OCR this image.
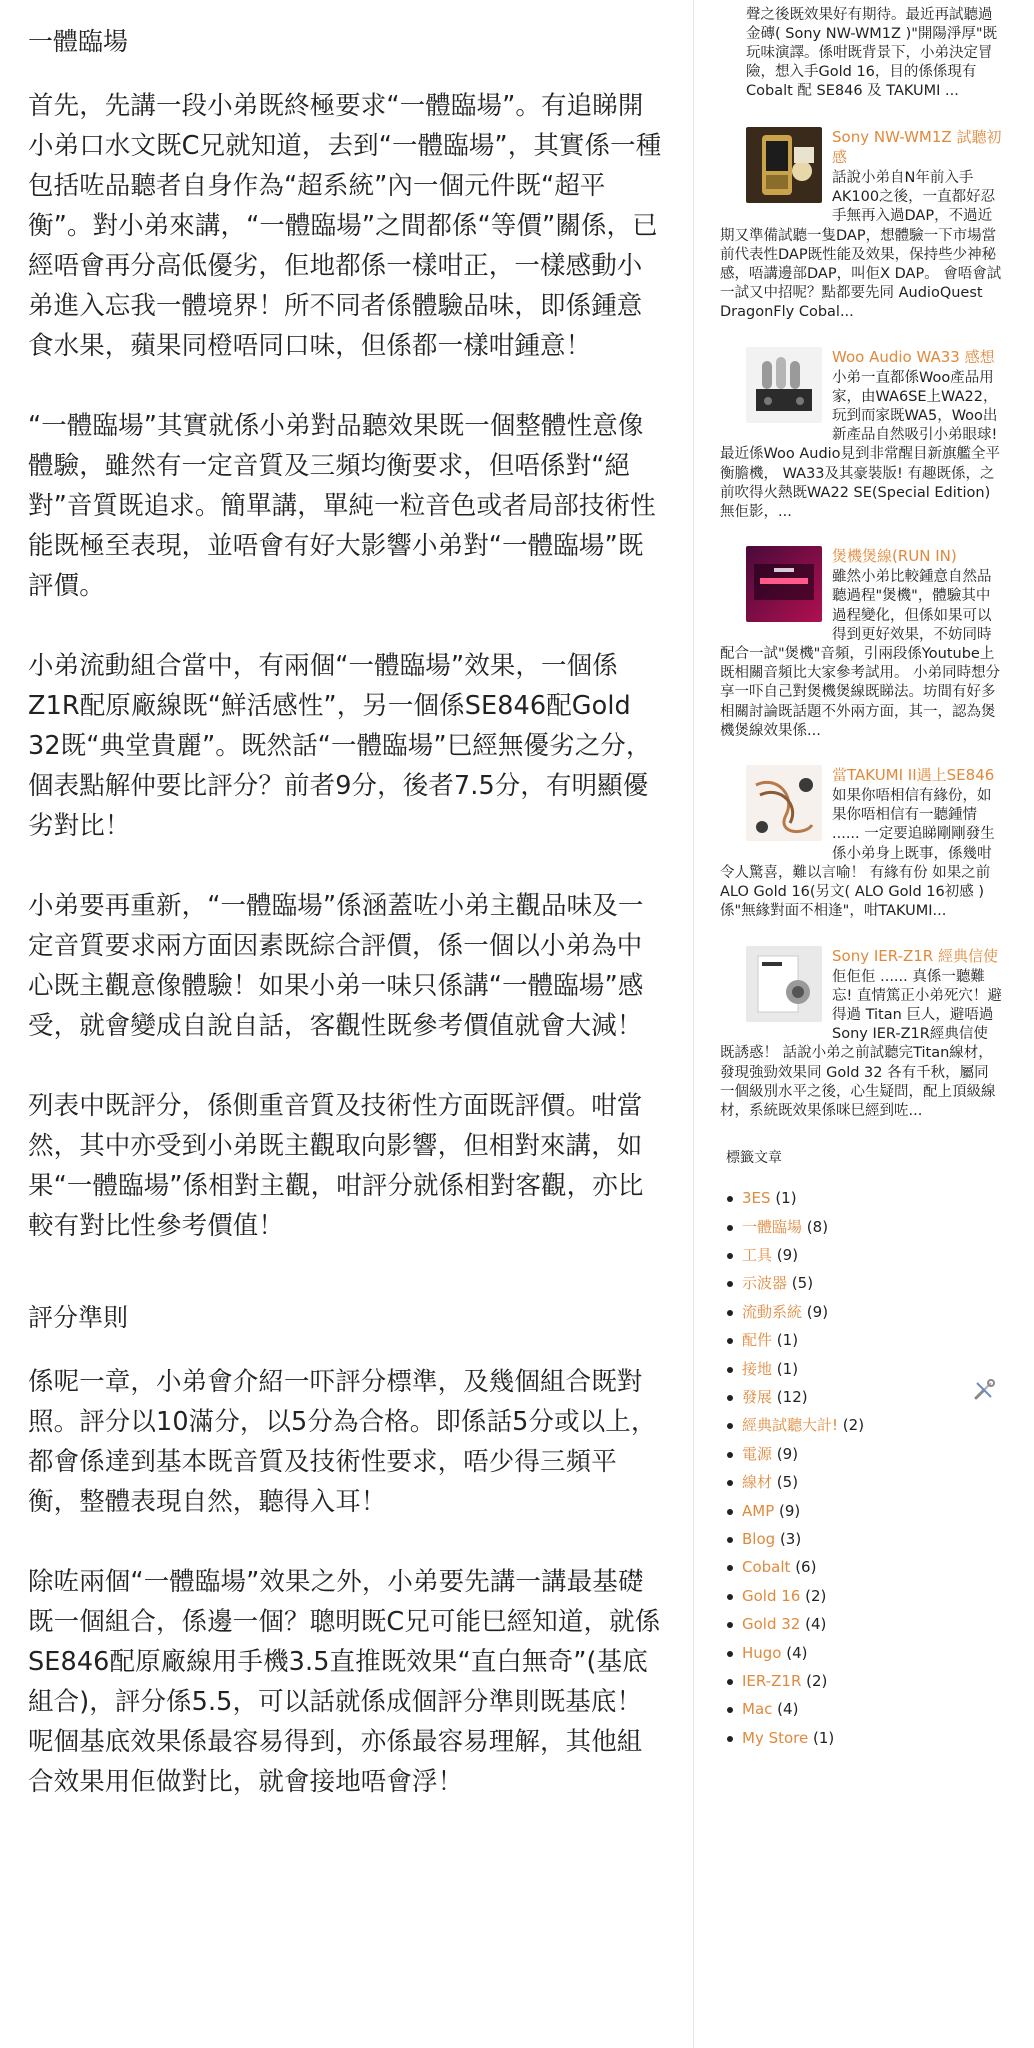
一體臨場

首先，先講一段小弟既終極要求“一體臨場”。有追睇開小弟口水文既C兄就知道，去到“一體臨場”，其實係一種包括咗品聽者自身作為“超系統”內一個元件既“超平衡”。對小弟來講，“一體臨場”之間都係“等價”關係，已經唔會再分高低優劣，佢地都係一樣咁正，一樣感動小弟進入忘我一體境界！所不同者係體驗品味，即係鍾意食水果，蘋果同橙唔同口味，但係都一樣咁鍾意！

“一體臨場”其實就係小弟對品聽效果既一個整體性意像體驗，雖然有一定音質及三頻均衡要求，但唔係對“絕對”音質既追求。簡單講，單純一粒音色或者局部技術性能既極至表現，並唔會有好大影響小弟對“一體臨場”既評價。

小弟流動組合當中，有兩個“一體臨場”效果，一個係Z1R配原廠線既“鮮活感性”，另一個係SE846配Gold 32既“典堂貴麗”。既然話“一體臨場”巳經無優劣之分，個表點解仲要比評分？前者9分，後者7.5分，有明顯優劣對比！

小弟要再重新，“一體臨場”係涵蓋咗小弟主觀品味及一定音質要求兩方面因素既綜合評價，係一個以小弟為中心既主觀意像體驗！如果小弟一味只係講“一體臨場”感受，就會變成自說自話，客觀性既參考價值就會大減！

列表中既評分，係側重音質及技術性方面既評價。咁當然，其中亦受到小弟既主觀取向影響，但相對來講，如果“一體臨場”係相對主觀，咁評分就係相對客觀，亦比較有對比性參考價值！

評分準則

係呢一章，小弟會介紹一吓評分標準，及幾個組合既對照。評分以10滿分，以5分為合格。即係話5分或以上，都會係達到基本既音質及技術性要求，唔少得三頻平衡，整體表現自然，聽得入耳！

除咗兩個“一體臨場”效果之外，小弟要先講一講最基礎既一個組合，係邊一個？聰明既C兄可能巳經知道，就係SE846配原廠線用手機3.5直推既效果“直白無奇”(基底組合)，評分係5.5，可以話就係成個評分準則既基底！呢個基底效果係最容易得到，亦係最容易理解，其他組合效果用佢做對比，就會接地唔會浮！

聲之後既效果好有期待。最近再試聽過金磚( Sony NW-WM1Z )"開陽淨厚"既玩味演譯。係咁既背景下，小弟決定冒險，想入手Gold 16，目的係係現有 Cobalt 配 SE846 及 TAKUMI ...
Sony NW-WM1Z 試聽初感
話說小弟自N年前入手AK100之後，一直都好忍手無再入過DAP，不過近期又準備試聽一隻DAP，想體驗一下市場當前代表性DAP既性能及效果，保持些少神秘感，唔講邊部DAP，叫佢X DAP。 會唔會試一試又中招呢？點都要先同 AudioQuest DragonFly Cobal...
Woo Audio WA33 感想
小弟一直都係Woo產品用家，由WA6SE上WA22，玩到而家既WA5，Woo出新產品自然吸引小弟眼球! 最近係Woo Audio見到非常醒目新旗艦全平衡膽機， WA33及其豪裝版! 有趣既係，之前吹得火熱既WA22 SE(Special Edition)無佢影，...
煲機煲線(RUN IN)
雖然小弟比較鍾意自然品聽過程"煲機"，體驗其中過程變化，但係如果可以得到更好效果，不妨同時配合一試"煲機"音頻，引兩段係Youtube上既相關音頻比大家參考試用。 小弟同時想分享一吓自己對煲機煲線既睇法。坊間有好多相關討論既話題不外兩方面，其一，認為煲機煲線效果係...
當TAKUMI II遇上SE846
如果你唔相信有緣份，如果你唔相信有一聽鍾情 ...... 一定要追睇剛剛發生係小弟身上既事，係幾咁令人驚喜，難以言喻！ 有緣有份 如果之前ALO Gold 16(另文( ALO Gold 16初感 )係"無緣對面不相逢"，咁TAKUMI...
Sony IER-Z1R 經典信使
佢佢佢 ...... 真係一聽難忘! 直情篤正小弟死穴！避得過 Titan 巨人，避唔過Sony IER-Z1R經典信使既誘惑！ 話說小弟之前試聽完Titan線材，發現強勁效果同 Gold 32 各有千秋，屬同一個級別水平之後，心生疑問，配上頂級線材，系統既效果係咪巳經到咗...
標籤文章
3ES (1)
一體臨場 (8)
工具 (9)
示波器 (5)
流動系統 (9)
配件 (1)
接地 (1)
發展 (12)
經典試聽大計! (2)
電源 (9)
線材 (5)
AMP (9)
Blog (3)
Cobalt (6)
Gold 16 (2)
Gold 32 (4)
Hugo (4)
IER-Z1R (2)
Mac (4)
My Store (1)
